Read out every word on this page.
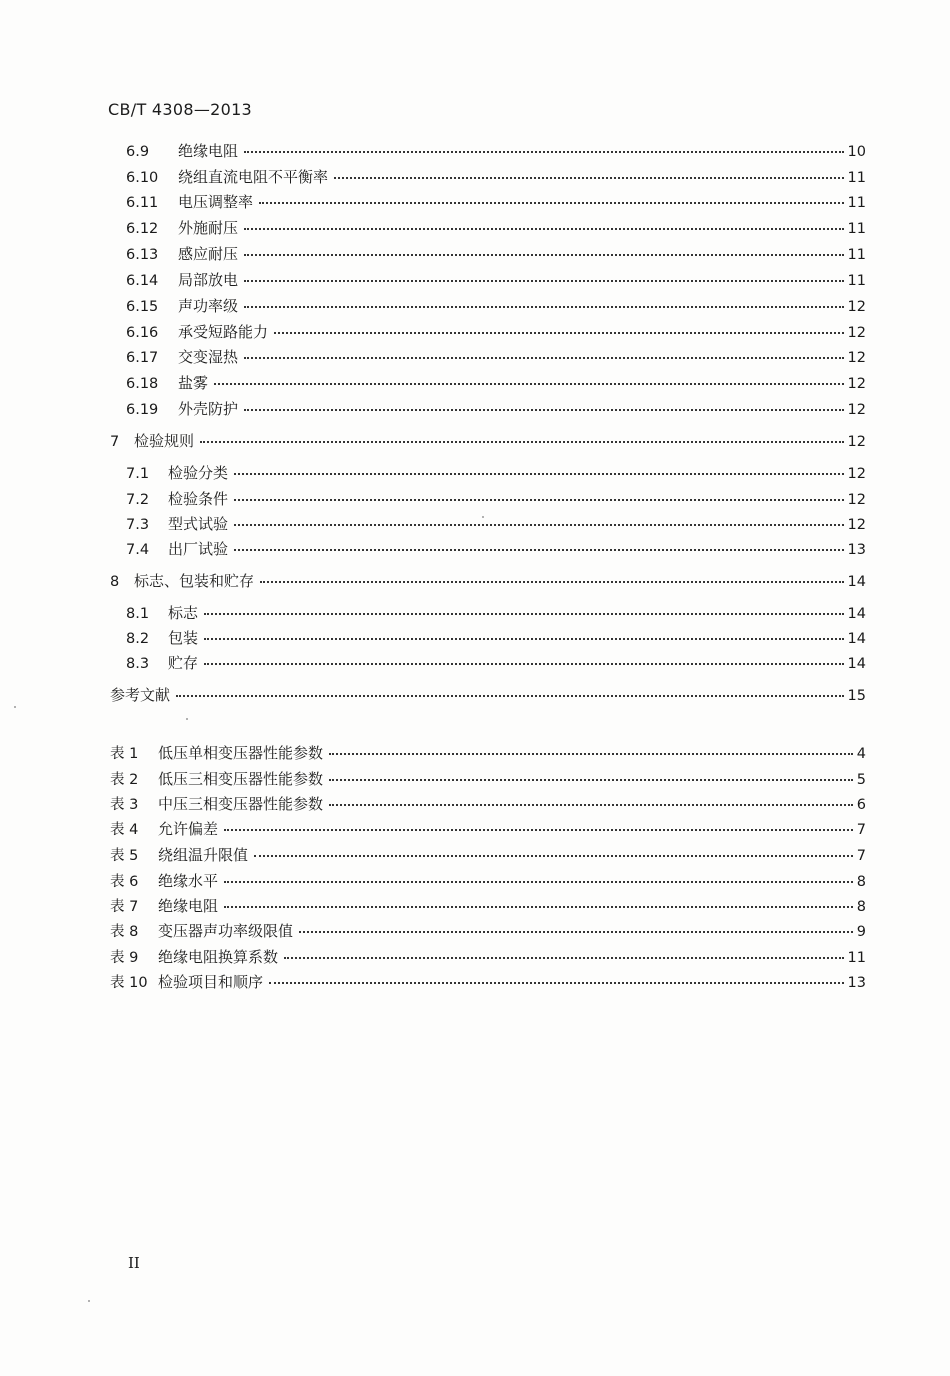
CB/T 4308—2013
6.9	绝缘电阻	10
6.10	绕组直流电阻不平衡率	11
6.11	电压调整率	11
6.12	外施耐压	11
6.13	感应耐压	11
6.14	局部放电	11
6.15	声功率级	12
6.16	承受短路能力	12
6.17	交变湿热	12
6.18	盐雾	12
6.19	外壳防护	12
7 检验规则	12
7.1	检验分类	12
7.2	检验条件	12
7.3	型式试验	12
7.4	出厂试验	13
8 标志、包装和贮存	14
8.1	标志	14
8.2	包装	14
8.3	贮存	14
参考文献	15
表 1	低压单相变压器性能参数	4
表 2	低压三相变压器性能参数	5
表 3	中压三相变压器性能参数	6
表 4	允许偏差	7
表 5	绕组温升限值	7
表 6	绝缘水平	8
表 7	绝缘电阻	8
表 8	变压器声功率级限值	9
表 9	绝缘电阻换算系数	11
表 10 检验项目和顺序	13
II
